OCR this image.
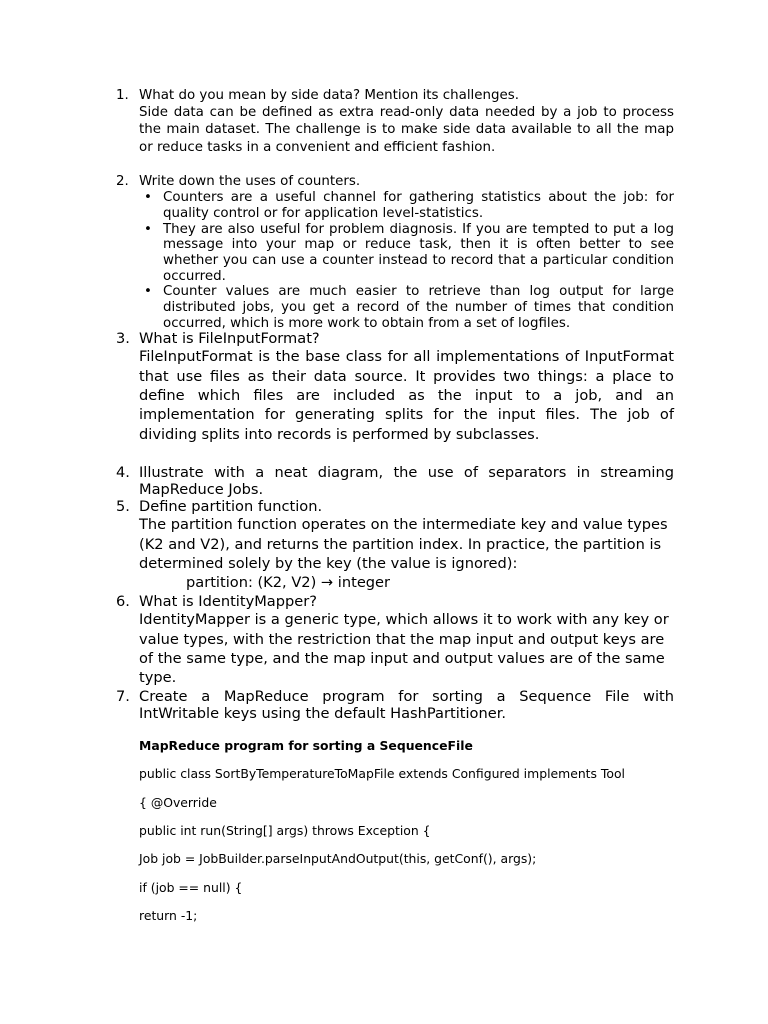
1. What do you mean by side data? Mention its challenges.
Side data can be defined as extra read-only data needed by a job to process the main dataset. The challenge is to make side data available to all the map or reduce tasks in a convenient and efficient fashion.
2. Write down the uses of counters.
• Counters are a useful channel for gathering statistics about the job: for quality control or for application level-statistics.
• They are also useful for problem diagnosis. If you are tempted to put a log message into your map or reduce task, then it is often better to see whether you can use a counter instead to record that a particular condition occurred.
• Counter values are much easier to retrieve than log output for large distributed jobs, you get a record of the number of times that condition occurred, which is more work to obtain from a set of logfiles.
3. What is FileInputFormat?
FileInputFormat is the base class for all implementations of InputFormat that use files as their data source. It provides two things: a place to define which files are included as the input to a job, and an implementation for generating splits for the input files. The job of dividing splits into records is performed by subclasses.
4. Illustrate with a neat diagram, the use of separators in streaming MapReduce Jobs.
5. Define partition function.
The partition function operates on the intermediate key and value types (K2 and V2), and returns the partition index. In practice, the partition is determined solely by the key (the value is ignored):
partition: (K2, V2) → integer
6. What is IdentityMapper?
IdentityMapper is a generic type, which allows it to work with any key or value types, with the restriction that the map input and output keys are of the same type, and the map input and output values are of the same type.
7. Create a MapReduce program for sorting a Sequence File with IntWritable keys using the default HashPartitioner.
MapReduce program for sorting a SequenceFile
public class SortByTemperatureToMapFile extends Configured implements Tool
{ @Override
public int run(String[] args) throws Exception {
Job job = JobBuilder.parseInputAndOutput(this, getConf(), args);
if (job == null) {
return -1;
